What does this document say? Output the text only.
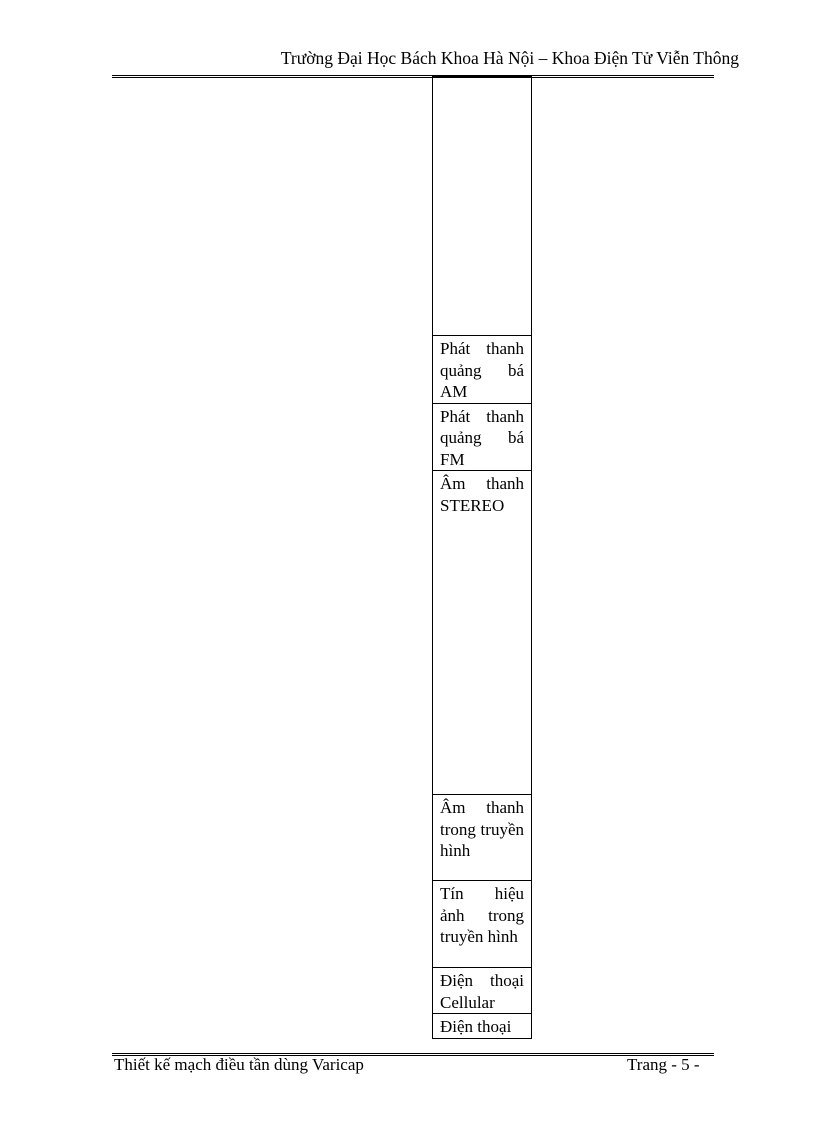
Trường Đại Học Bách Khoa Hà Nội – Khoa Điện Tử Viễn Thông

Phát thanh quảng bá AM
Phát thanh quảng bá FM
Âm thanh STEREO
Âm thanh trong truyền hình
Tín hiệu ảnh trong truyền hình
Điện thoại Cellular
Điện thoại
Thiết kế mạch điều tần dùng Varicap	Trang - 5 -
